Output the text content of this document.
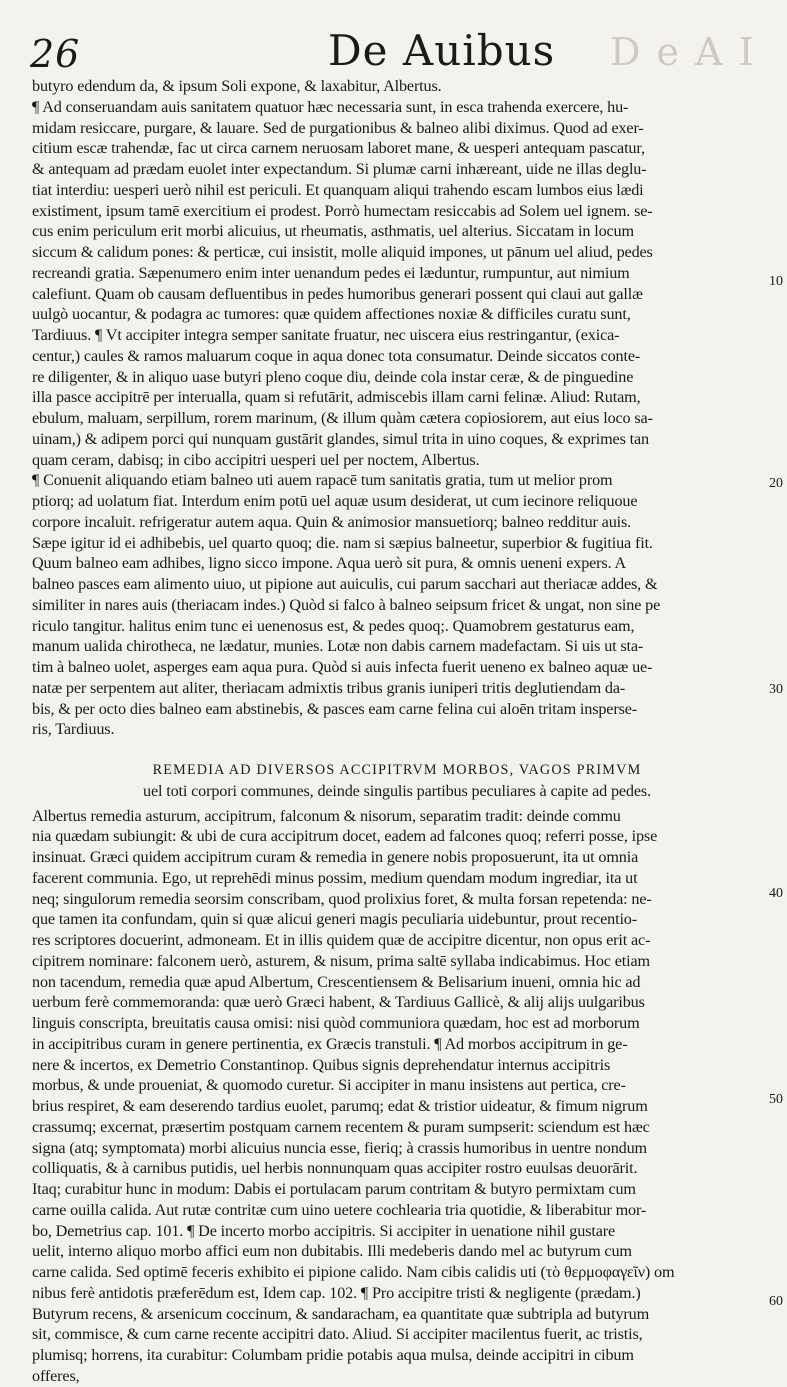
26	De Auibus D e A I
butyro edendum da, & ipsum Soli expone, & laxabitur, Albertus.
¶ Ad conseruandam auis sanitatem quatuor hæc necessaria sunt, in esca trahenda exercere, hu-
midam resiccare, purgare, & lauare. Sed de purgationibus & balneo alibi diximus. Quod ad exer-
citium escæ trahendæ, fac ut circa carnem neruosam laboret mane, & uesperi antequam pascatur,
& antequam ad prædam euolet inter expectandum. Si plumæ carni inhæreant, uide ne illas deglu-
tiat interdiu: uesperi uerò nihil est periculi. Et quanquam aliqui trahendo escam lumbos eius lædi
existiment, ipsum tamē exercitium ei prodest. Porrò humectam resiccabis ad Solem uel ignem. se-
cus enim periculum erit morbi alicuius, ut rheumatis, asthmatis, uel alterius. Siccatam in locum
siccum & calidum pones: & perticæ, cui insistit, molle aliquid impones, ut pānum uel aliud, pedes
recreandi gratia. Sæpenumero enim inter uenandum pedes ei læduntur, rumpuntur, aut nimium
calefiunt. Quam ob causam defluentibus in pedes humoribus generari possent qui claui aut gallæ
uulgò uocantur, & podagra ac tumores: quæ quidem affectiones noxiæ & difficiles curatu sunt,
Tardiuus. ¶ Vt accipiter integra semper sanitate fruatur, nec uiscera eius restringantur, (exica-
centur,) caules & ramos maluarum coque in aqua donec tota consumatur. Deinde siccatos conte-
re diligenter, & in aliquo uase butyri pleno coque diu, deinde cola instar ceræ, & de pinguedine
illa pasce accipitrē per interualla, quam si refutārit, admiscebis illam carni felinæ. Aliud: Rutam,
ebulum, maluam, serpillum, rorem marinum, (& illum quàm cætera copiosiorem, aut eius loco sa-
uinam,) & adipem porci qui nunquam gustārit glandes, simul trita in uino coques, & exprimes tan
quam ceram, dabisq; in cibo accipitri uesperi uel per noctem, Albertus.
¶ Conuenit aliquando etiam balneo uti auem rapacē tum sanitatis gratia, tum ut melior prom
ptiorq; ad uolatum fiat. Interdum enim potū uel aquæ usum desiderat, ut cum iecinore reliquoue
corpore incaluit. refrigeratur autem aqua. Quin & animosior mansuetiorq; balneo redditur auis.
Sæpe igitur id ei adhibebis, uel quarto quoq; die. nam si sæpius balneetur, superbior & fugitiua fit.
Quum balneo eam adhibes, ligno sicco impone. Aqua uerò sit pura, & omnis ueneni expers. A
balneo pasces eam alimento uiuo, ut pipione aut auiculis, cui parum sacchari aut theriacæ addes, &
similiter in nares auis (theriacam indes.) Quòd si falco à balneo seipsum fricet & ungat, non sine pe
riculo tangitur. halitus enim tunc ei uenenosus est, & pedes quoq;. Quamobrem gestaturus eam,
manum ualida chirotheca, ne lædatur, munies. Lotæ non dabis carnem madefactam. Si uis ut sta-
tim à balneo uolet, asperges eam aqua pura. Quòd si auis infecta fuerit ueneno ex balneo aquæ ue-
natæ per serpentem aut aliter, theriacam admixtis tribus granis iuniperi tritis deglutiendam da-
bis, & per octo dies balneo eam abstinebis, & pasces eam carne felina cui aloēn tritam insperse-
ris, Tardiuus.
REMEDIA AD DIVERSOS ACCIPITRVM MORBOS, VAGOS PRIMVM
uel toti corpori communes, deinde singulis partibus peculiares à capite ad pedes.
Albertus remedia asturum, accipitrum, falconum & nisorum, separatim tradit: deinde commu
nia quædam subiungit: & ubi de cura accipitrum docet, eadem ad falcones quoq; referri posse, ipse
insinuat. Græci quidem accipitrum curam & remedia in genere nobis proposuerunt, ita ut omnia
facerent communia. Ego, ut reprehēdi minus possim, medium quendam modum ingrediar, ita ut
neq; singulorum remedia seorsim conscribam, quod prolixius foret, & multa forsan repetenda: ne-
que tamen ita confundam, quin si quæ alicui generi magis peculiaria uidebuntur, prout recentio-
res scriptores docuerint, admoneam. Et in illis quidem quæ de accipitre dicentur, non opus erit ac-
cipitrem nominare: falconem uerò, asturem, & nisum, prima saltē syllaba indicabimus. Hoc etiam
non tacendum, remedia quæ apud Albertum, Crescentiensem & Belisarium inueni, omnia hic ad
uerbum ferè commemoranda: quæ uerò Græci habent, & Tardiuus Gallicè, & alij alijs uulgaribus
linguis conscripta, breuitatis causa omisi: nisi quòd communiora quædam, hoc est ad morborum
in accipitribus curam in genere pertinentia, ex Græcis transtuli. ¶ Ad morbos accipitrum in ge-
nere & incertos, ex Demetrio Constantinop. Quibus signis deprehendatur internus accipitris
morbus, & unde proueniat, & quomodo curetur. Si accipiter in manu insistens aut pertica, cre-
brius respiret, & eam deserendo tardius euolet, parumq; edat & tristior uideatur, & fimum nigrum
crassumq; excernat, præsertim postquam carnem recentem & puram sumpserit: sciendum est hæc
signa (atq; symptomata) morbi alicuius nuncia esse, fieriq; à crassis humoribus in uentre nondum
colliquatis, & à carnibus putidis, uel herbis nonnunquam quas accipiter rostro euulsas deuorārit.
Itaq; curabitur hunc in modum: Dabis ei portulacam parum contritam & butyro permixtam cum
carne ouilla calida. Aut rutæ contritæ cum uino uetere cochlearia tria quotidie, & liberabitur mor-
bo, Demetrius cap. 101. ¶ De incerto morbo accipitris. Si accipiter in uenatione nihil gustare
uelit, interno aliquo morbo affici eum non dubitabis. Illi medeberis dando mel ac butyrum cum
carne calida. Sed optimē feceris exhibito ei pipione calido. Nam cibis calidis uti (τὸ θερμοφαγεῖν) om
nibus ferè antidotis præferēdum est, Idem cap. 102. ¶ Pro accipitre tristi & negligente (prædam.)
Butyrum recens, & arsenicum coccinum, & sandaracham, ea quantitate quæ subtripla ad butyrum
sit, commisce, & cum carne recente accipitri dato. Aliud. Si accipiter macilentus fuerit, ac tristis,
plumisq; horrens, ita curabitur: Columbam pridie potabis aqua mulsa, deinde accipitri in cibum
offeres,
10
20
30
40
50
60
